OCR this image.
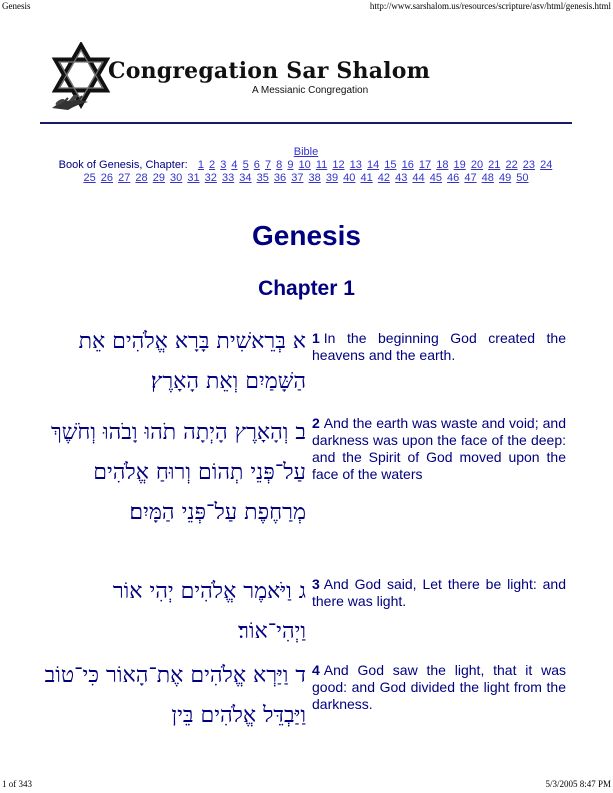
Genesis	http://www.sarshalom.us/resources/scripture/asv/html/genesis.html
Congregation Sar Shalom
A Messianic Congregation
Bible
Book of Genesis, Chapter: 1 2 3 4 5 6 7 8 9 10 11 12 13 14 15 16 17 18 19 20 21 22 23 24
25 26 27 28 29 30 31 32 33 34 35 36 37 38 39 40 41 42 43 44 45 46 47 48 49 50
Genesis
Chapter 1
א בְּרֵאשִׁית בָּרָא אֱלֹהִים אֵת הַשָּׁמַיִם וְאֵת הָאָרֶץ׃
1 In the beginning God created the heavens and the earth.
ב וְהָאָרֶץ הָיְתָה תֹהוּ וָבֹהוּ וְחֹשֶׁךְ עַל־פְּנֵי תְהוֹם וְרוּחַ אֱלֹהִים מְרַחֶפֶת עַל־פְּנֵי הַמָּיִם׃
2 And the earth was waste and void; and darkness was upon the face of the deep: and the Spirit of God moved upon the face of the waters
ג וַיֹּאמֶר אֱלֹהִים יְהִי אוֹר וַיְהִי־אוֹר׃
3 And God said, Let there be light: and there was light.
ד וַיַּרְא אֱלֹהִים אֶת־הָאוֹר כִּי־טוֹב וַיַּבְדֵּל אֱלֹהִים בֵּין
4 And God saw the light, that it was good: and God divided the light from the darkness.
1 of 343	5/3/2005 8:47 PM
